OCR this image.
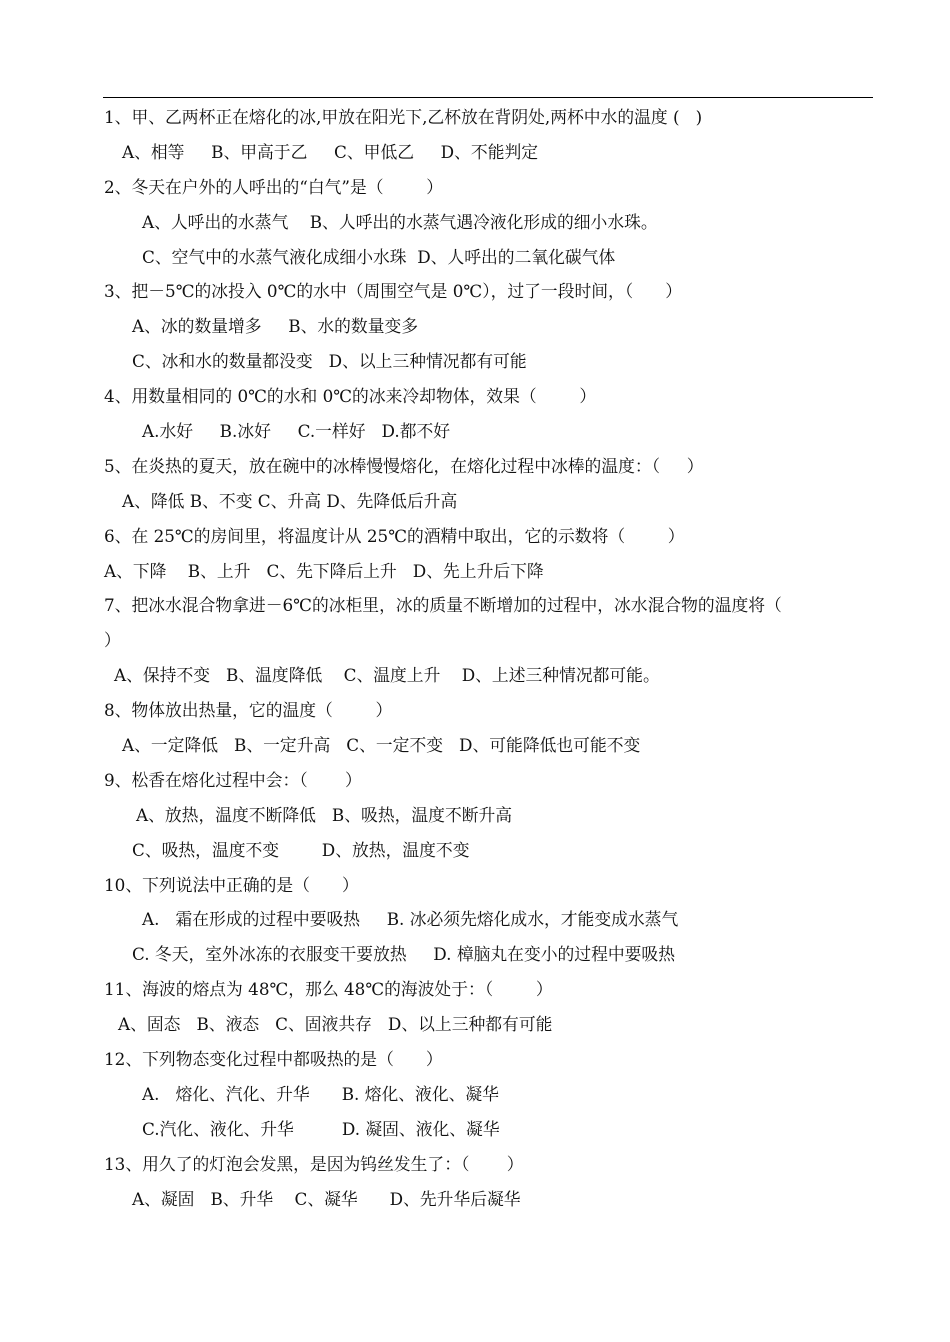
1、甲、乙两杯正在熔化的冰,甲放在阳光下,乙杯放在背阴处,两杯中水的温度 (   )
A、相等     B、甲高于乙     C、甲低乙     D、不能判定
2、冬天在户外的人呼出的“白气”是（        ）
A、人呼出的水蒸气    B、人呼出的水蒸气遇冷液化形成的细小水珠。
C、空气中的水蒸气液化成细小水珠  D、人呼出的二氧化碳气体
3、把－5℃的冰投入 0℃的水中（周围空气是 0℃），过了一段时间，（      ）
A、冰的数量增多     B、水的数量变多
C、冰和水的数量都没变   D、以上三种情况都有可能
4、用数量相同的 0℃的水和 0℃的冰来冷却物体，效果（        ）
A.水好     B.冰好     C.一样好   D.都不好
5、在炎热的夏天，放在碗中的冰棒慢慢熔化，在熔化过程中冰棒的温度：（     ）
A、降低 B、不变 C、升高 D、先降低后升高
6、在 25℃的房间里，将温度计从 25℃的酒精中取出，它的示数将（        ）
A、下降    B、上升   C、先下降后上升   D、先上升后下降
7、把冰水混合物拿进－6℃的冰柜里，冰的质量不断增加的过程中，冰水混合物的温度将（
）
A、保持不变   B、温度降低    C、温度上升    D、上述三种情况都可能。
8、物体放出热量，它的温度（        ）
A、一定降低   B、一定升高   C、一定不变   D、可能降低也可能不变
9、松香在熔化过程中会：（       ）
A、放热，温度不断降低   B、吸热，温度不断升高
C、吸热，温度不变        D、放热，温度不变
10、下列说法中正确的是（      ）
A.   霜在形成的过程中要吸热     B. 冰必须先熔化成水，才能变成水蒸气
C. 冬天，室外冰冻的衣服变干要放热     D. 樟脑丸在变小的过程中要吸热
11、海波的熔点为 48℃，那么 48℃的海波处于：（        ）
A、固态   B、液态   C、固液共存   D、以上三种都有可能
12、下列物态变化过程中都吸热的是（      ）
A.   熔化、汽化、升华      B. 熔化、液化、凝华
C.汽化、液化、升华         D. 凝固、液化、凝华
13、用久了的灯泡会发黑，是因为钨丝发生了：（       ）
A、凝固   B、升华    C、凝华      D、先升华后凝华
